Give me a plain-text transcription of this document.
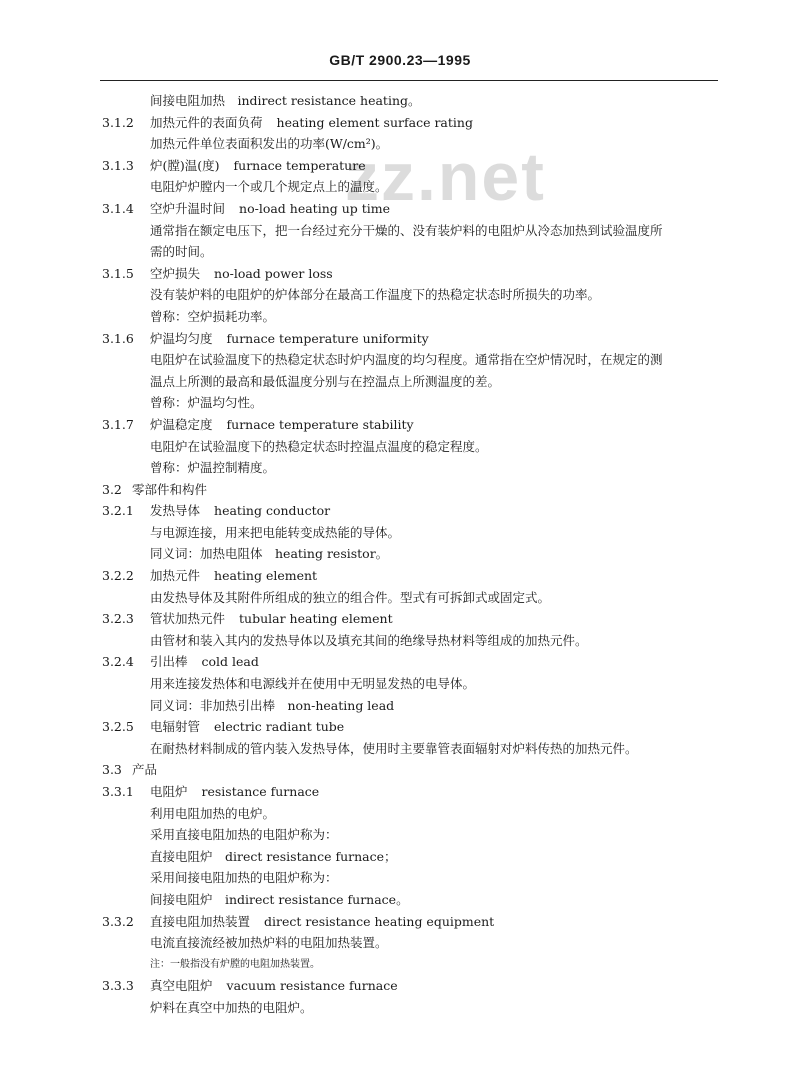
GB/T 2900.23—1995
zz.net
间接电阻加热　indirect resistance heating。
3.1.2 加热元件的表面负荷 heating element surface rating
加热元件单位表面积发出的功率(W/cm²)。
3.1.3 炉(膛)温(度) furnace temperature
电阻炉炉膛内一个或几个规定点上的温度。
3.1.4 空炉升温时间 no-load heating up time
通常指在额定电压下，把一台经过充分干燥的、没有装炉料的电阻炉从冷态加热到试验温度所
需的时间。
3.1.5 空炉损失 no-load power loss
没有装炉料的电阻炉的炉体部分在最高工作温度下的热稳定状态时所损失的功率。
曾称：空炉损耗功率。
3.1.6 炉温均匀度 furnace temperature uniformity
电阻炉在试验温度下的热稳定状态时炉内温度的均匀程度。通常指在空炉情况时，在规定的测
温点上所测的最高和最低温度分别与在控温点上所测温度的差。
曾称：炉温均匀性。
3.1.7 炉温稳定度 furnace temperature stability
电阻炉在试验温度下的热稳定状态时控温点温度的稳定程度。
曾称：炉温控制精度。
3.2 零部件和构件
3.2.1 发热导体 heating conductor
与电源连接，用来把电能转变成热能的导体。
同义词：加热电阻体　heating resistor。
3.2.2 加热元件 heating element
由发热导体及其附件所组成的独立的组合件。型式有可拆卸式或固定式。
3.2.3 管状加热元件 tubular heating element
由管材和装入其内的发热导体以及填充其间的绝缘导热材料等组成的加热元件。
3.2.4 引出棒 cold lead
用来连接发热体和电源线并在使用中无明显发热的电导体。
同义词：非加热引出棒　non-heating lead
3.2.5 电辐射管 electric radiant tube
在耐热材料制成的管内装入发热导体，使用时主要靠管表面辐射对炉料传热的加热元件。
3.3 产品
3.3.1 电阻炉 resistance furnace
利用电阻加热的电炉。
采用直接电阻加热的电阻炉称为：
直接电阻炉　direct resistance furnace；
采用间接电阻加热的电阻炉称为：
间接电阻炉　indirect resistance furnace。
3.3.2 直接电阻加热装置 direct resistance heating equipment
电流直接流经被加热炉料的电阻加热装置。
注：一般指没有炉膛的电阻加热装置。
3.3.3 真空电阻炉 vacuum resistance furnace
炉料在真空中加热的电阻炉。
